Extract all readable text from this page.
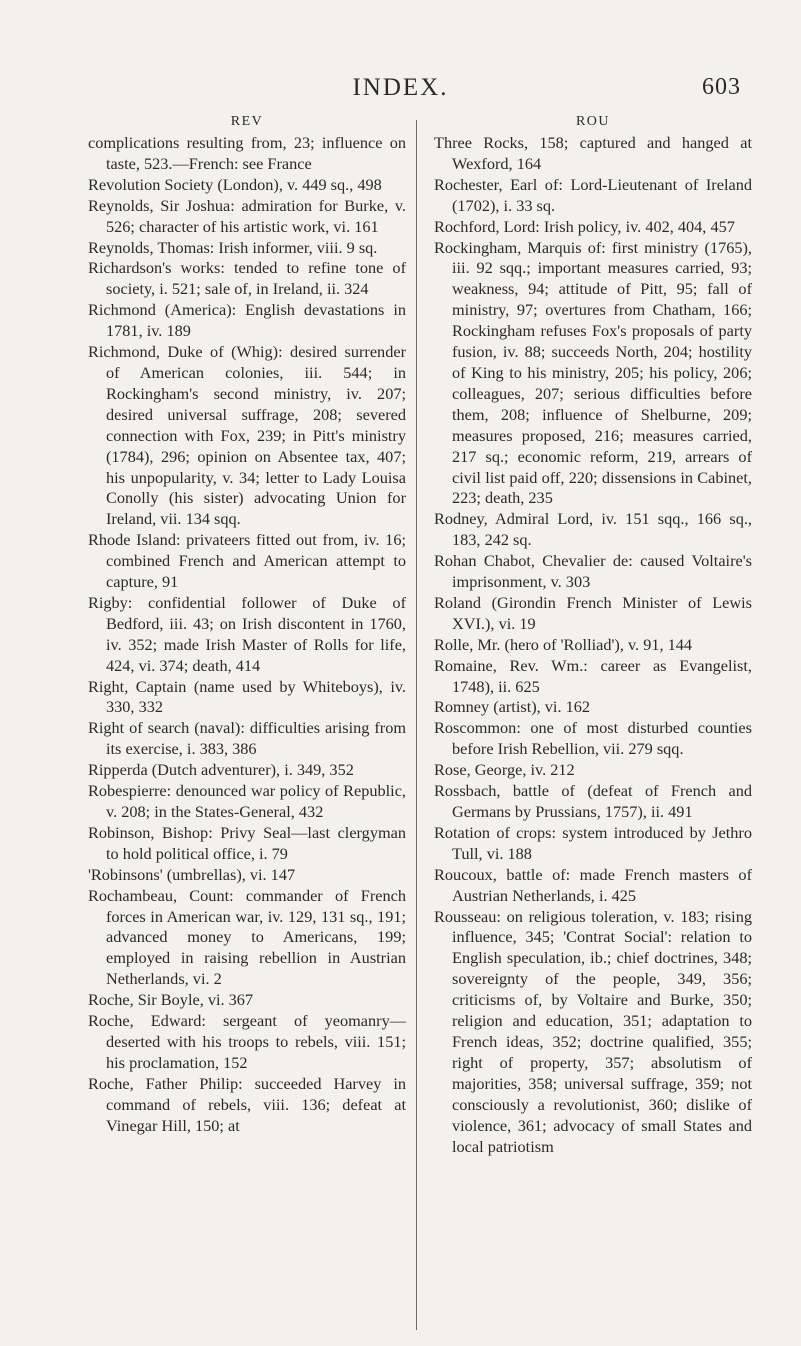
INDEX.	603
REV

complications resulting from, 23; influence on taste, 523.—French: see France

Revolution Society (London), v. 449 sq., 498

Reynolds, Sir Joshua: admiration for Burke, v. 526; character of his artistic work, vi. 161

Reynolds, Thomas: Irish informer, viii. 9 sq.

Richardson's works: tended to refine tone of society, i. 521; sale of, in Ireland, ii. 324

Richmond (America): English devastations in 1781, iv. 189

Richmond, Duke of (Whig): desired surrender of American colonies, iii. 544; in Rockingham's second ministry, iv. 207; desired universal suffrage, 208; severed connection with Fox, 239; in Pitt's ministry (1784), 296; opinion on Absentee tax, 407; his unpopularity, v. 34; letter to Lady Louisa Conolly (his sister) advocating Union for Ireland, vii. 134 sqq.

Rhode Island: privateers fitted out from, iv. 16; combined French and American attempt to capture, 91

Rigby: confidential follower of Duke of Bedford, iii. 43; on Irish discontent in 1760, iv. 352; made Irish Master of Rolls for life, 424, vi. 374; death, 414

Right, Captain (name used by Whiteboys), iv. 330, 332

Right of search (naval): difficulties arising from its exercise, i. 383, 386

Ripperda (Dutch adventurer), i. 349, 352

Robespierre: denounced war policy of Republic, v. 208; in the States-General, 432

Robinson, Bishop: Privy Seal—last clergyman to hold political office, i. 79

'Robinsons' (umbrellas), vi. 147

Rochambeau, Count: commander of French forces in American war, iv. 129, 131 sq., 191; advanced money to Americans, 199; employed in raising rebellion in Austrian Netherlands, vi. 2

Roche, Sir Boyle, vi. 367

Roche, Edward: sergeant of yeomanry—deserted with his troops to rebels, viii. 151; his proclamation, 152

Roche, Father Philip: succeeded Harvey in command of rebels, viii. 136; defeat at Vinegar Hill, 150; at

ROU

Three Rocks, 158; captured and hanged at Wexford, 164

Rochester, Earl of: Lord-Lieutenant of Ireland (1702), i. 33 sq.

Rochford, Lord: Irish policy, iv. 402, 404, 457

Rockingham, Marquis of: first ministry (1765), iii. 92 sqq.; important measures carried, 93; weakness, 94; attitude of Pitt, 95; fall of ministry, 97; overtures from Chatham, 166; Rockingham refuses Fox's proposals of party fusion, iv. 88; succeeds North, 204; hostility of King to his ministry, 205; his policy, 206; colleagues, 207; serious difficulties before them, 208; influence of Shelburne, 209; measures proposed, 216; measures carried, 217 sq.; economic reform, 219, arrears of civil list paid off, 220; dissensions in Cabinet, 223; death, 235

Rodney, Admiral Lord, iv. 151 sqq., 166 sq., 183, 242 sq.

Rohan Chabot, Chevalier de: caused Voltaire's imprisonment, v. 303

Roland (Girondin French Minister of Lewis XVI.), vi. 19

Rolle, Mr. (hero of 'Rolliad'), v. 91, 144

Romaine, Rev. Wm.: career as Evangelist, 1748), ii. 625

Romney (artist), vi. 162

Roscommon: one of most disturbed counties before Irish Rebellion, vii. 279 sqq.

Rose, George, iv. 212

Rossbach, battle of (defeat of French and Germans by Prussians, 1757), ii. 491

Rotation of crops: system introduced by Jethro Tull, vi. 188

Roucoux, battle of: made French masters of Austrian Netherlands, i. 425

Rousseau: on religious toleration, v. 183; rising influence, 345; 'Contrat Social': relation to English speculation, ib.; chief doctrines, 348; sovereignty of the people, 349, 356; criticisms of, by Voltaire and Burke, 350; religion and education, 351; adaptation to French ideas, 352; doctrine qualified, 355; right of property, 357; absolutism of majorities, 358; universal suffrage, 359; not consciously a revolutionist, 360; dislike of violence, 361; advocacy of small States and local patriotism
